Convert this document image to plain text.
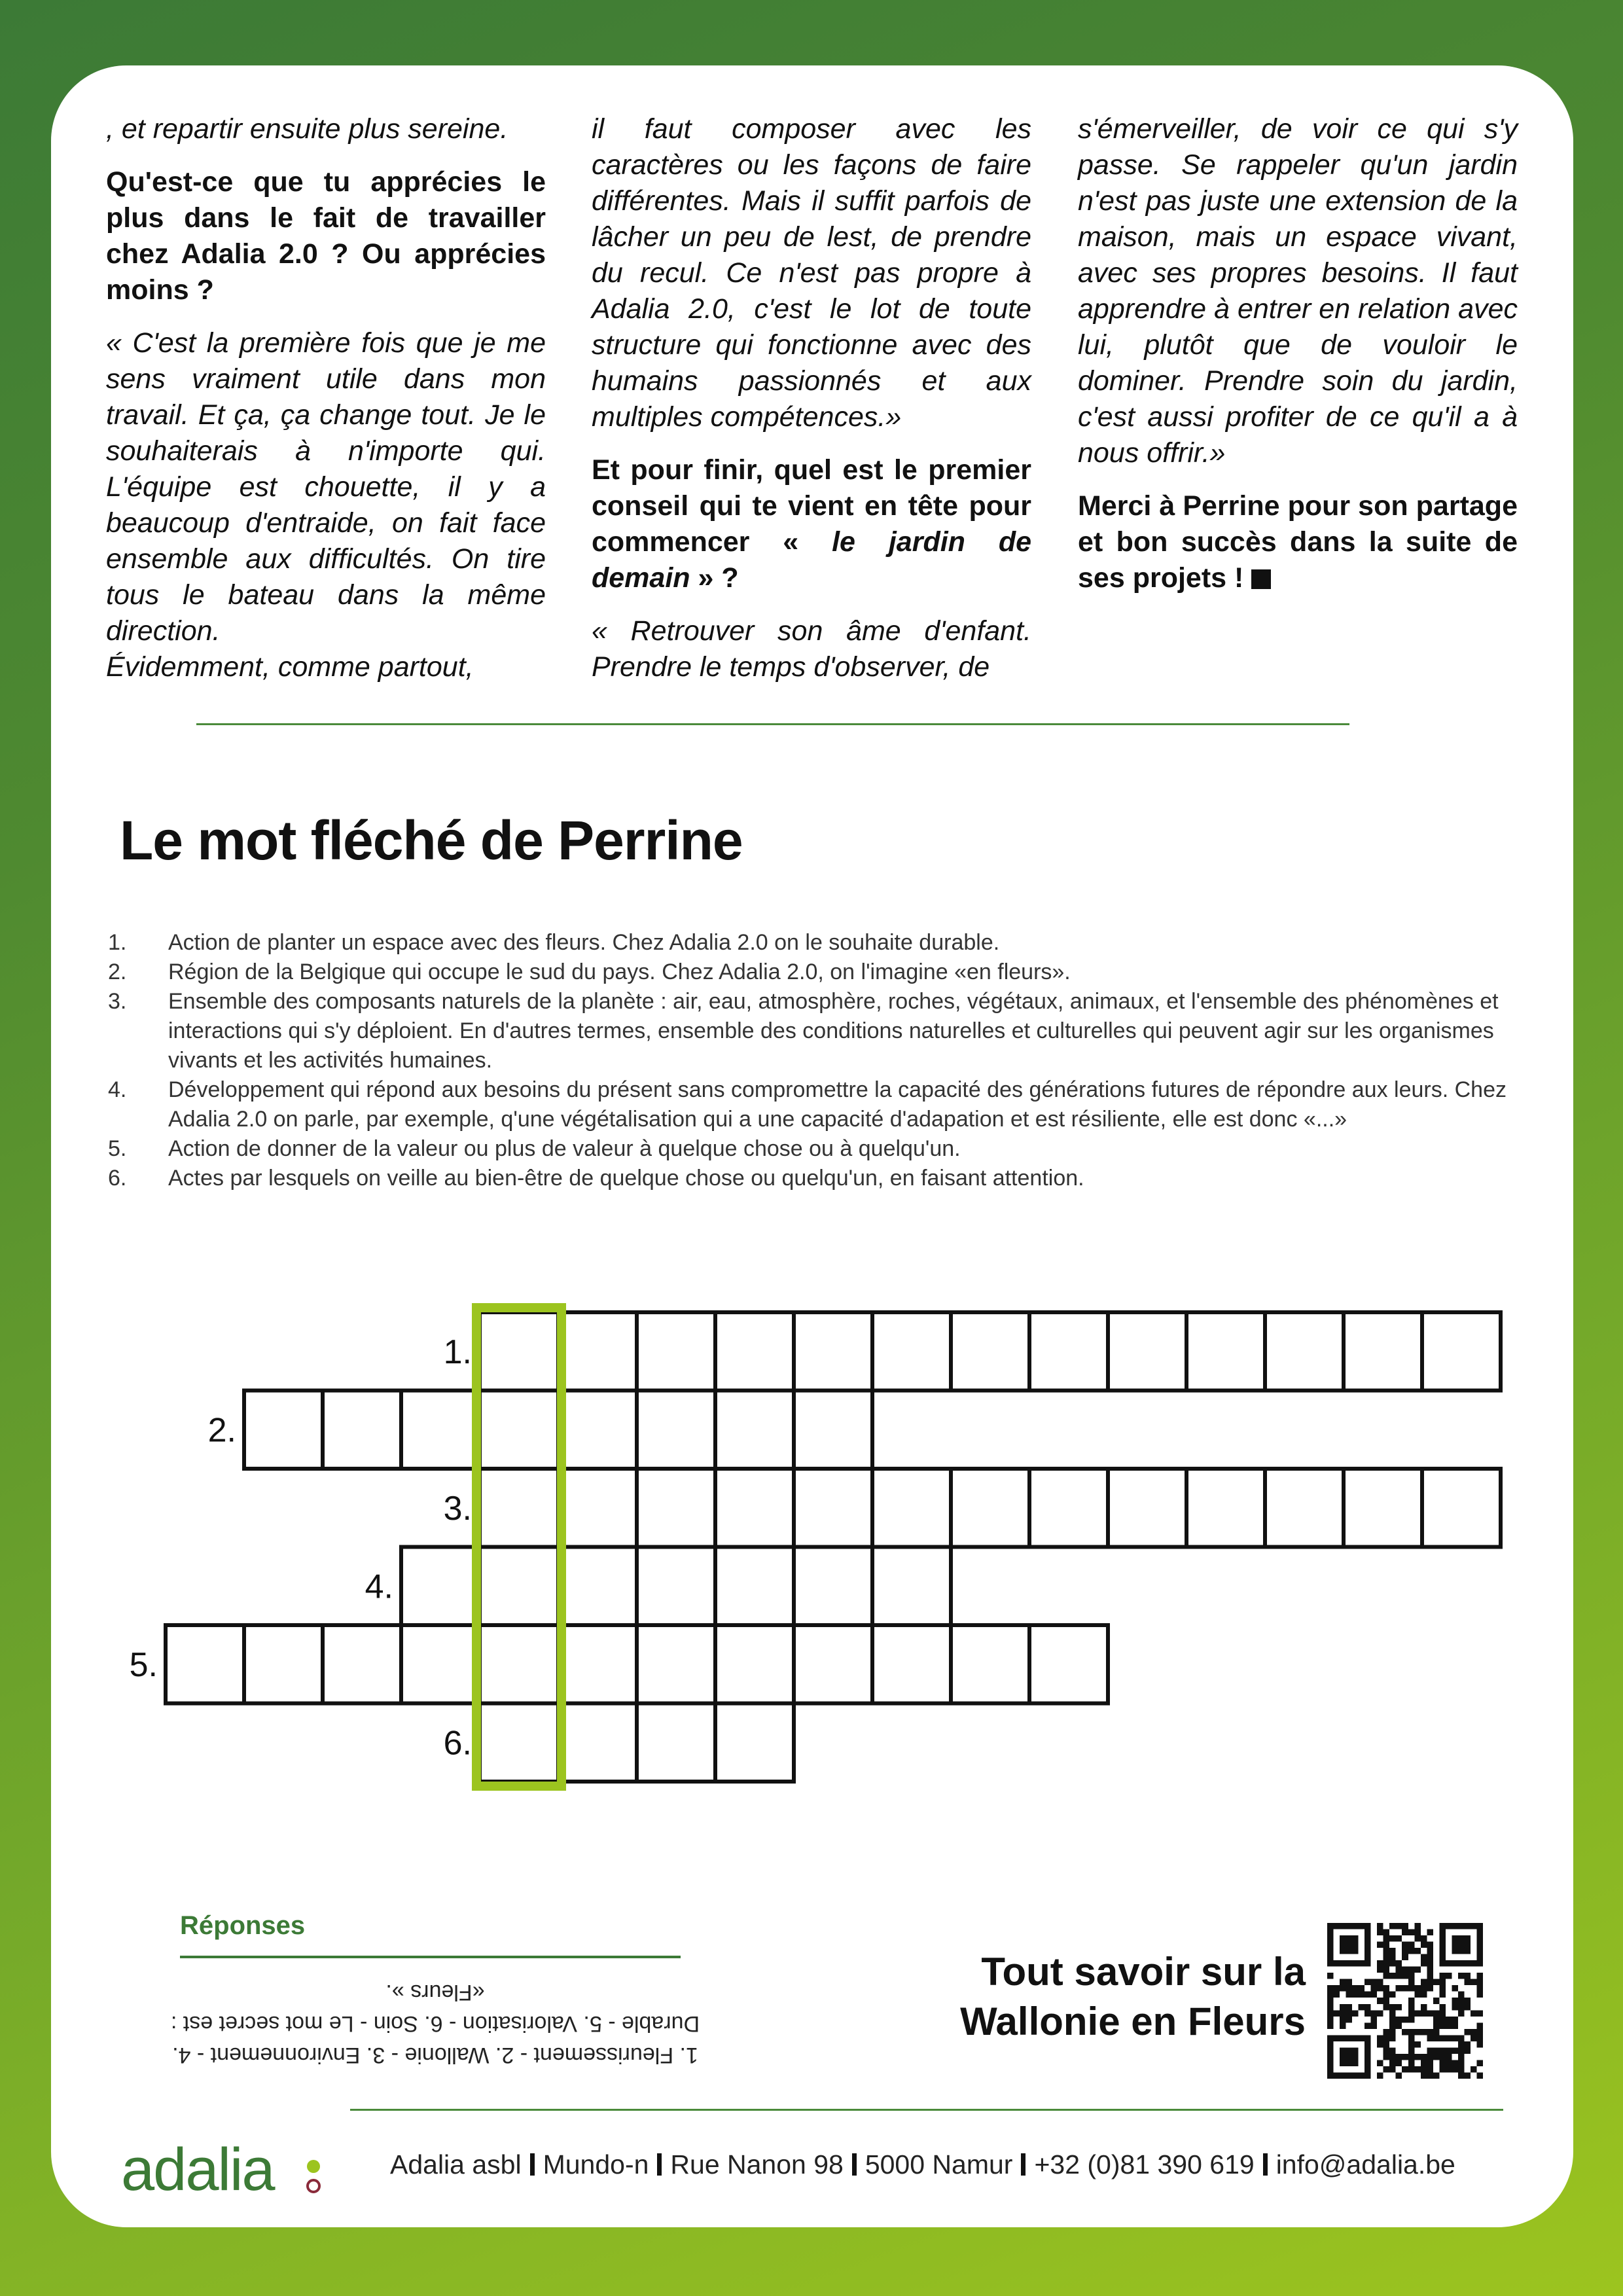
, et repartir ensuite plus sereine.

Qu'est-ce que tu apprécies le plus dans le fait de travailler chez Adalia 2.0 ? Ou apprécies moins ?

« C'est la première fois que je me sens vraiment utile dans mon travail. Et ça, ça change tout. Je le souhaiterais à n'importe qui. L'équipe est chouette, il y a beaucoup d'entraide, on fait face ensemble aux difficultés. On tire tous le bateau dans la même direction.

Évidemment, comme partout,

il faut composer avec les caractères ou les façons de faire différentes. Mais il suffit parfois de lâcher un peu de lest, de prendre du recul. Ce n'est pas propre à Adalia 2.0, c'est le lot de toute structure qui fonctionne avec des humains passionnés et aux multiples compétences.»

Et pour finir, quel est le premier conseil qui te vient en tête pour commencer « le jardin de demain » ?

« Retrouver son âme d'enfant. Prendre le temps d'observer, de

s'émerveiller, de voir ce qui s'y passe. Se rappeler qu'un jardin n'est pas juste une extension de la maison, mais un espace vivant, avec ses propres besoins. Il faut apprendre à entrer en relation avec lui, plutôt que de vouloir le dominer. Prendre soin du jardin, c'est aussi profiter de ce qu'il a à nous offrir.»

Merci à Perrine pour son partage et bon succès dans la suite de ses projets !

Le mot fléché de Perrine
1. Action de planter un espace avec des fleurs. Chez Adalia 2.0 on le souhaite durable.
2. Région de la Belgique qui occupe le sud du pays. Chez Adalia 2.0, on l'imagine «en fleurs».
3. Ensemble des composants naturels de la planète : air, eau, atmosphère, roches, végétaux, animaux, et l'ensemble des phénomènes et interactions qui s'y déploient. En d'autres termes, ensemble des conditions naturelles et culturelles qui peuvent agir sur les organismes vivants et les activités humaines.
4. Développement qui répond aux besoins du présent sans compromettre la capacité des générations futures de répondre aux leurs. Chez Adalia 2.0 on parle, par exemple, q'une végétalisation qui a une capacité d'adapation et est résiliente, elle est donc «...»
5. Action de donner de la valeur ou plus de valeur à quelque chose ou à quelqu'un.
6. Actes par lesquels on veille au bien-être de quelque chose ou quelqu'un, en faisant attention.
1.
2.
3.
4.
5.
6.
Réponses

1. Fleurissement - 2. Wallonie - 3. Environnement - 4. Durable - 5. Valorisation - 6. Soin - Le mot secret est : «Fleurs ».	Tout savoir sur la
Wallonie en Fleurs

adalia	Adalia asbl Mundo-n Rue Nanon 98 5000 Namur +32 (0)81 390 619 info@adalia.be
